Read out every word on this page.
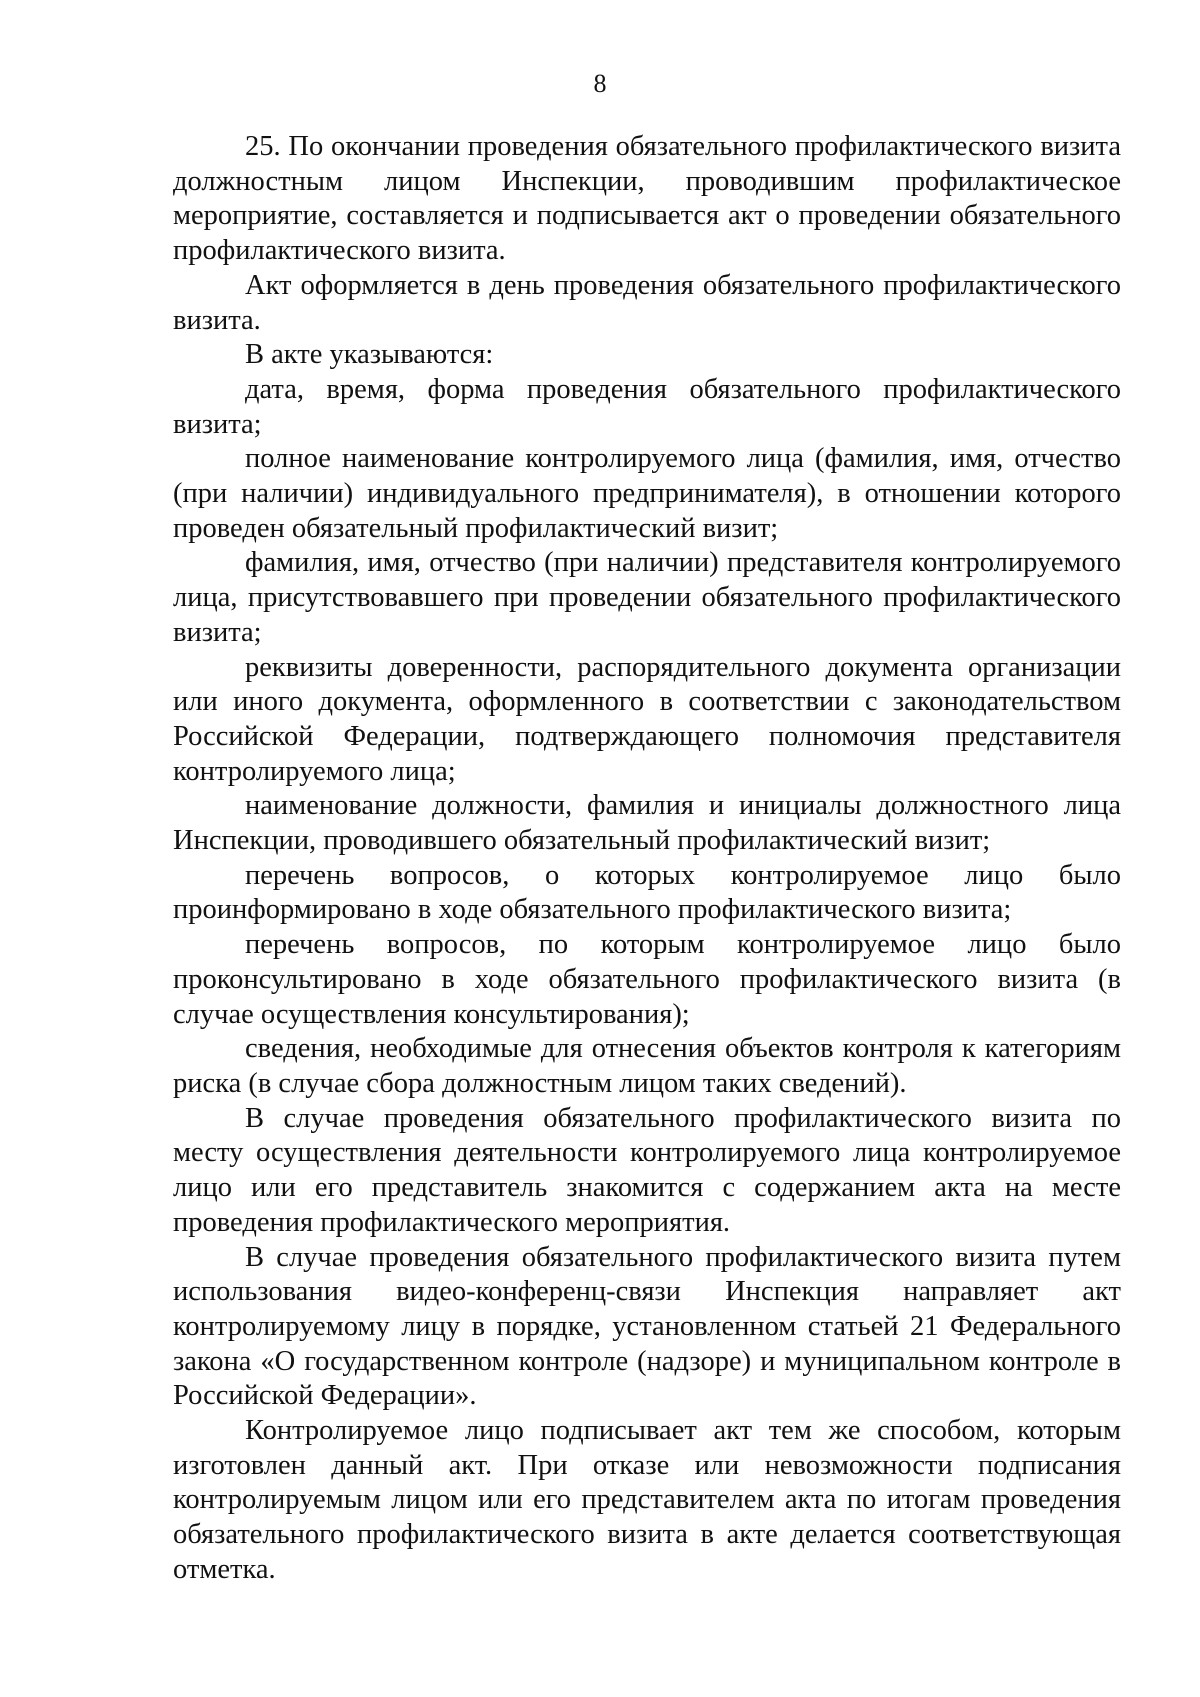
8

25. По окончании проведения обязательного профилактического визита должностным лицом Инспекции, проводившим профилактическое мероприятие, составляется и подписывается акт о проведении обязательного профилактического визита.

Акт оформляется в день проведения обязательного профилактического визита.

В акте указываются:

дата, время, форма проведения обязательного профилактического визита;

полное наименование контролируемого лица (фамилия, имя, отчество (при наличии) индивидуального предпринимателя), в отношении которого проведен обязательный профилактический визит;

фамилия, имя, отчество (при наличии) представителя контролируемого лица, присутствовавшего при проведении обязательного профилактического визита;

реквизиты доверенности, распорядительного документа организации или иного документа, оформленного в соответствии с законодательством Российской Федерации, подтверждающего полномочия представителя контролируемого лица;

наименование должности, фамилия и инициалы должностного лица Инспекции, проводившего обязательный профилактический визит;

перечень вопросов, о которых контролируемое лицо было проинформировано в ходе обязательного профилактического визита;

перечень вопросов, по которым контролируемое лицо было проконсультировано в ходе обязательного профилактического визита (в случае осуществления консультирования);

сведения, необходимые для отнесения объектов контроля к категориям риска (в случае сбора должностным лицом таких сведений).

В случае проведения обязательного профилактического визита по месту осуществления деятельности контролируемого лица контролируемое лицо или его представитель знакомится с содержанием акта на месте проведения профилактического мероприятия.

В случае проведения обязательного профилактического визита путем использования видео-конференц-связи Инспекция направляет акт контролируемому лицу в порядке, установленном статьей 21 Федерального закона «О государственном контроле (надзоре) и муниципальном контроле в Российской Федерации».

Контролируемое лицо подписывает акт тем же способом, которым изготовлен данный акт. При отказе или невозможности подписания контролируемым лицом или его представителем акта по итогам проведения обязательного профилактического визита в акте делается соответствующая отметка.
